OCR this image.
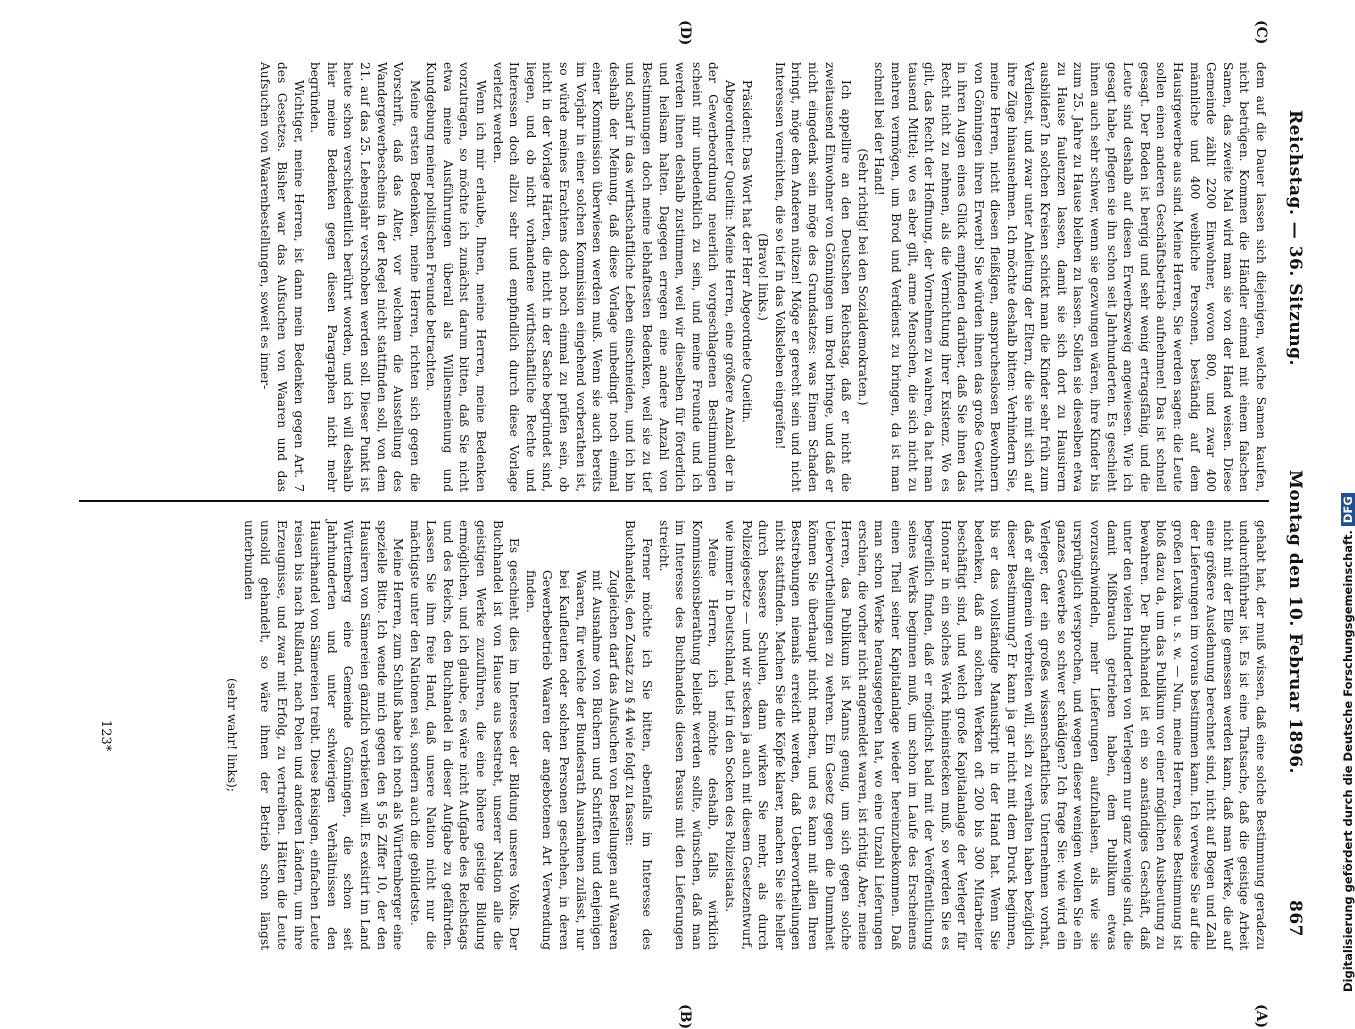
Reichstag. — 36. Sitzung.
Montag den 10. Februar 1896.
867
(A)
(B)
(C)
(D)

gehabt hat, der muß wissen, daß eine solche Bestimmung geradezu undurchführbar ist. Es ist eine Thatsache, daß die geistige Arbeit nicht mit der Elle gemessen werden kann, daß man Werke, die auf eine größere Ausdehnung berechnet sind, nicht auf Bogen und Zahl der Lieferungen im voraus bestimmen kann. Ich verweise Sie auf die großen Lexika u. s. w. — Nun, meine Herren, diese Bestimmung ist bloß dazu da, um das Publikum vor einer möglichen Ausbeutung zu bewahren. Der Buchhandel ist ein so anständiges Geschäft, daß unter den vielen Hunderten von Verlegern nur ganz wenige sind, die damit Mißbrauch getrieben haben, dem Publikum etwas vorzuschwindeln, mehr Lieferungen aufzuhalsen, als wie sie ursprünglich versprochen, und wegen dieser wenigen wollen Sie ein ganzes Gewerbe so schwer schädigen? Ich frage Sie: wie wird ein Verleger, der ein großes wissenschaftliches Unternehmen vorhat, daß er allgemein verbreiten will, sich zu verhalten haben bezüglich dieser Bestimmung? Er kann ja gar nicht mit dem Druck beginnen, bis er das vollständige Manuskript in der Hand hat. Wenn Sie bedenken, daß an solchen Werken oft 200 bis 300 Mitarbeiter beschäftigt sind, und welch große Kapitalanlage der Verleger für Honorar in ein solches Werk hineinstecken muß, so werden Sie es begreiflich finden, daß er möglichst bald mit der Veröffentlichung seines Werks beginnen muß, um schon im Laufe des Erscheinens einen Theil seiner Kapitalanlage wieder hereinzubekommen. Daß man schon Werke herausgegeben hat, wo eine Unzahl Lieferungen erschien, die vorher nicht angemeldet waren, ist richtig. Aber, meine Herren, das Publikum ist Manns genug, um sich gegen solche Uebervortheilungen zu wehren. Ein Gesetz gegen die Dummheit können Sie überhaupt nicht machen, und es kann mit allen Ihren Bestrebungen niemals erreicht werden, daß Uebervortheilungen nicht stattfinden. Machen Sie die Köpfe klarer, machen Sie sie heller durch bessere Schulen, dann wirken Sie mehr, als durch Polizeigesetze — und wir stecken ja auch mit diesem Gesetzentwurf, wie immer in Deutschland, tief in den Socken des Polizeistaats.

Meine Herren, ich möchte deshalb, falls wirklich Kommissionsberathung beliebt werden sollte, wünschen, daß man im Interesse des Buchhandels diesen Passus mit den Lieferungen streicht.

Ferner möchte ich Sie bitten, ebenfalls im Interesse des Buchhandels, den Zusatz zu § 44 wie folgt zu fassen:

Zugleichen darf das Aufsuchen von Bestellungen auf Waaren mit Ausnahme von Büchern und Schriften und denjenigen Waaren, für welche der Bundesrath Ausnahmen zulässt, nur bei Kaufleuten oder solchen Personen geschehen, in deren Gewerbebetrieb Waaren der angebotenen Art Verwendung finden.

Es geschieht dies im Interesse der Bildung unseres Volks. Der Buchhandel ist von Hause aus bestrebt, unserer Nation alle die geistigen Werke zuzuführen, die eine höhere geistige Bildung ermöglichen, und ich glaube, es wäre nicht Aufgabe des Reichstags und des Reichs, den Buchhandel in dieser Aufgabe zu gefährden. Lassen Sie ihm freie Hand, daß unsere Nation nicht nur die mächtigste unter den Nationen sei, sondern auch die gebildetste.

Meine Herren, zum Schluß habe ich noch als Württemberger eine spezielle Bitte. Ich wende mich gegen den § 56 Ziffer 10, der den Hausirern von Sämereien gänzlich verbieten will. Es existirt im Land Württemberg eine Gemeinde Gönningen, die schon seit Jahrhunderten und unter schwierigen Verhältnissen den Hausirhandel von Sämereien treibt. Diese Reisigen, einfachen Leute reisen bis nach Rußland, nach Polen und anderen Ländern, um ihre Erzeugnisse, und zwar mit Erfolg, zu vertreiben. Hätten die Leute unsolid gehandelt, so wäre ihnen der Betrieb schon längst unterbunden

(sehr wahr! links);

dem auf die Dauer lassen sich diejenigen, welche Samen kaufen, nicht betrügen. Kommen die Händler einmal mit einem falschen Samen, das zweite Mal wird man sie von der Hand weisen. Diese Gemeinde zählt 2200 Einwohner, wovon 800, und zwar 400 männliche und 400 weibliche Personen, beständig auf dem Hausirgewerbe aus sind. Meine Herren, Sie werden sagen: die Leute sollen einen anderen Geschäftsbetrieb aufnehmen! Das ist schnell gesagt. Der Boden ist bergig und sehr wenig ertragsfähig, und die Leute sind deshalb auf diesen Erwerbszweig angewiesen. Wie ich gesagt habe, pflegen sie ihn schon seit Jahrhunderten. Es geschieht ihnen auch sehr schwer, wenn sie gezwungen wären, ihre Kinder bis zum 25. Jahre zu Hause bleiben zu lassen. Sollen sie dieselben etwa zu Hause faulenzen lassen, damit sie sich dort zu Hausirern ausbilden? In solchen Kreisen schickt man die Kinder sehr früh zum Verdienst, und zwar unter Anleitung der Eltern, die sie mit sich auf ihre Züge hinausnehmen. Ich möchte deshalb bitten: Verhindern Sie, meine Herren, nicht diesen fleißigen, ansprucheslosen Bewohnern von Gönningen ihren Erwerb! Sie würden ihnen das große Gewicht in ihren Augen eines Glück empfinden darüber, daß Sie ihnen das Recht nicht zu nehmen, als die Vernichtung ihrer Existenz. Wo es gilt, das Recht der Hoffnung, der Vornehmen zu wahren, da hat man tausend Mittel; wo es aber gilt, arme Menschen, die sich nicht zu mehren vermögen, um Brod und Verdienst zu bringen, da ist man schnell bei der Hand!

(Sehr richtig! bei den Sozialdemokraten.)

Ich appellire an den Deutschen Reichstag, daß er nicht die zweitausend Einwohner von Gönningen um Brod bringe, und daß er nicht eingedenk sein möge des Grundsatzes: was Einem Schaden bringt, möge dem Anderen nützen! Möge er gerecht sein und nicht Interessen vernichten, die so tief in das Volksleben eingreifen!

(Bravo! links.)

Präsident: Das Wort hat der Herr Abgeordnete Queitin.

Abgeordneter Queitin: Meine Herren, eine größere Anzahl der in der Gewerbeordnung neuerlich vorgeschlagenen Bestimmungen scheint mir unbedenklich zu sein, und meine Freunde und ich werden ihnen deshalb zustimmen, weil wir dieselben für förderlich und heilsam halten. Dagegen erregen eine andere Anzahl von Bestimmungen doch meine lebhaftesten Bedenken, weil sie zu tief und scharf in das wirthschaftliche Leben einschneiden, und ich bin deshalb der Meinung, daß diese Vorlage unbedingt noch einmal einer Kommission überwiesen werden muß. Wenn sie auch bereits im Vorjahr in einer solchen Kommission eingehend vorberathen ist, so würde meines Erachtens doch noch einmal zu prüfen sein, ob nicht in der Vorlage Härten, die nicht in der Sache begründet sind, liegen, und ob nicht vorhandene wirthschaftliche Rechte und Interessen doch allzu sehr und empfindlich durch diese Vorlage verletzt werden.

Wenn ich mir erlaube, Ihnen, meine Herren, meine Bedenken vorzutragen, so möchte ich zunächst darum bitten, daß Sie nicht etwa meine Ausführungen überall als Willensmeinung und Kundgebung meiner politischen Freunde betrachten.

Meine ersten Bedenken, meine Herren, richten sich gegen die Vorschrift, daß das Alter, vor welchem die Ausstellung des Wandergewerbescheins in der Regel nicht stattfinden soll, von dem 21. auf das 25. Lebensjahr verschoben werden soll. Dieser Punkt ist heute schon verschiedentlich berührt worden, und ich will deshalb hier meine Bedenken gegen diesen Paragraphen nicht mehr begründen.

Wichtiger, meine Herren, ist dann mein Bedenken gegen Art. 7 des Gesetzes. Bisher war das Aufsuchen von Waaren und das Aufsuchen von Waarenbestellungen, soweit es inner-

123*	Digitalisierung gefördert durch die Deutsche Forschungsgemeinschaft.DFG
